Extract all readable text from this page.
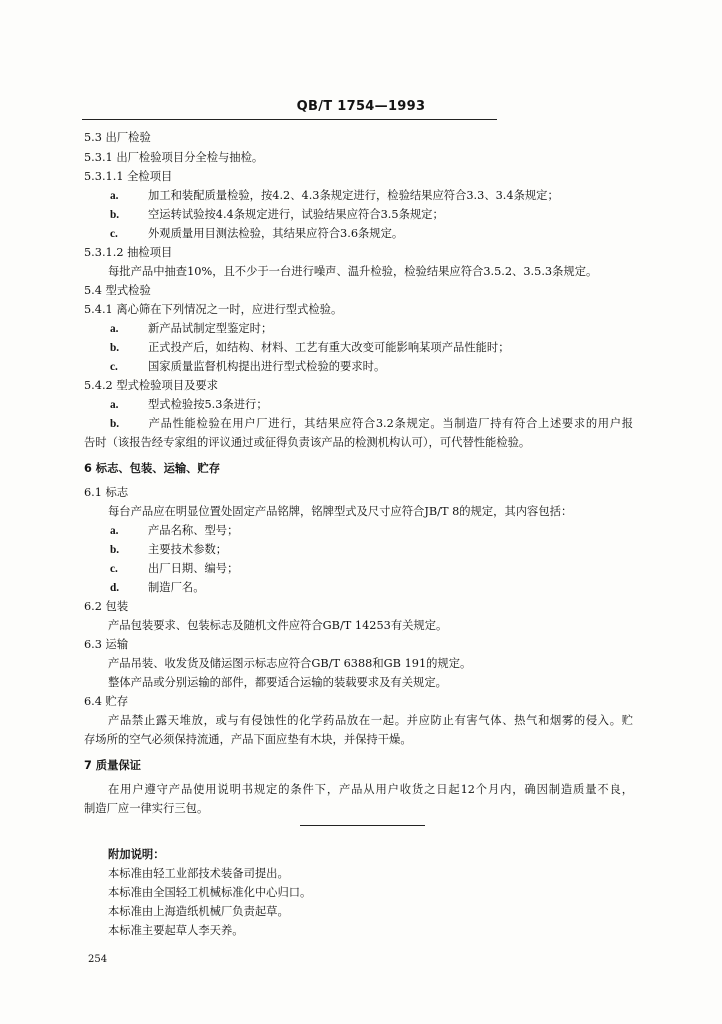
QB/T 1754—1993
5.3 出厂检验
5.3.1 出厂检验项目分全检与抽检。
5.3.1.1 全检项目
a.	加工和装配质量检验，按4.2、4.3条规定进行，检验结果应符合3.3、3.4条规定；
b.	空运转试验按4.4条规定进行，试验结果应符合3.5条规定；
c.	外观质量用目测法检验，其结果应符合3.6条规定。
5.3.1.2 抽检项目
每批产品中抽查10%，且不少于一台进行噪声、温升检验，检验结果应符合3.5.2、3.5.3条规定。
5.4 型式检验
5.4.1 离心筛在下列情况之一时，应进行型式检验。
a.	新产品试制定型鉴定时；
b.	正式投产后，如结构、材料、工艺有重大改变可能影响某项产品性能时；
c.	国家质量监督机构提出进行型式检验的要求时。
5.4.2 型式检验项目及要求
a.	型式检验按5.3条进行；
b.	产品性能检验在用户厂进行，其结果应符合3.2条规定。当制造厂持有符合上述要求的用户报
告时（该报告经专家组的评议通过或征得负责该产品的检测机构认可），可代替性能检验。
6 标志、包装、运输、贮存
6.1 标志
每台产品应在明显位置处固定产品铭牌，铭牌型式及尺寸应符合JB/T 8的规定，其内容包括：
a.	产品名称、型号；
b.	主要技术参数；
c.	出厂日期、编号；
d.	制造厂名。
6.2 包装
产品包装要求、包装标志及随机文件应符合GB/T 14253有关规定。
6.3 运输
产品吊装、收发货及储运图示标志应符合GB/T 6388和GB 191的规定。
整体产品或分别运输的部件，都要适合运输的装载要求及有关规定。
6.4 贮存
产品禁止露天堆放，或与有侵蚀性的化学药品放在一起。并应防止有害气体、热气和烟雾的侵入。贮
存场所的空气必须保持流通，产品下面应垫有木块，并保持干燥。
7 质量保证
在用户遵守产品使用说明书规定的条件下，产品从用户收货之日起12个月内，确因制造质量不良，
制造厂应一律实行三包。
附加说明：
本标准由轻工业部技术装备司提出。
本标准由全国轻工机械标准化中心归口。
本标准由上海造纸机械厂负责起草。
本标准主要起草人李天养。
254
